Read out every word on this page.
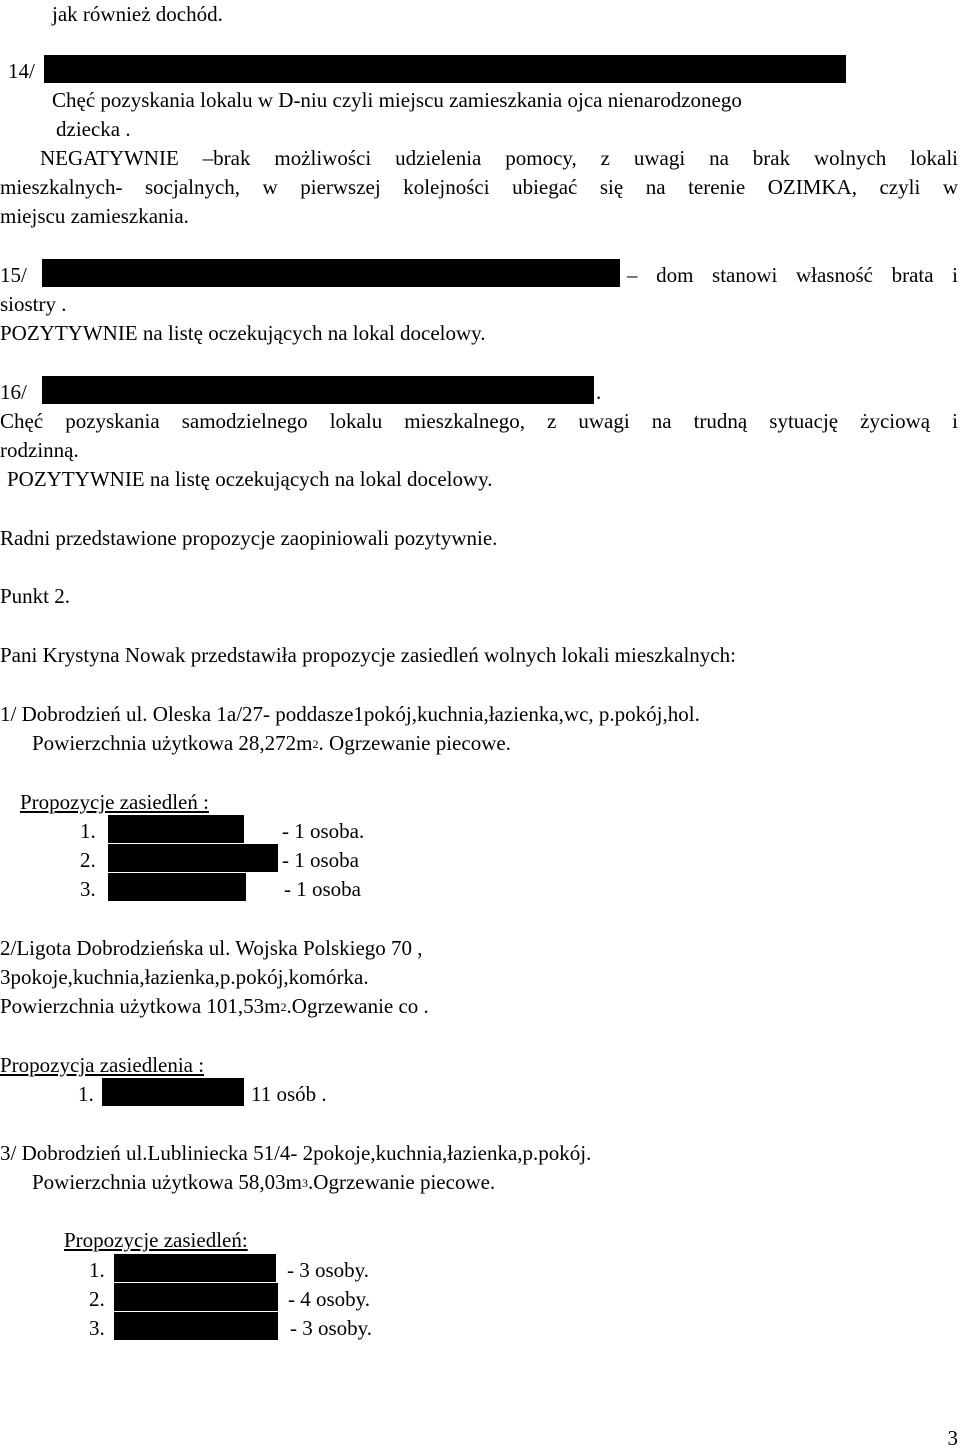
jak również dochód.
14/
Chęć pozyskania lokalu w D-niu czyli miejscu zamieszkania ojca nienarodzonego
dziecka .
NEGATYWNIE –brak możliwości udzielenia pomocy, z uwagi na brak wolnych lokali
mieszkalnych- socjalnych, w pierwszej kolejności ubiegać się na terenie OZIMKA, czyli w
miejscu zamieszkania.
15/	– dom stanowi własność brata i
siostry .
POZYTYWNIE na listę oczekujących na lokal docelowy.
16/	.
Chęć pozyskania samodzielnego lokalu mieszkalnego, z uwagi na trudną sytuację życiową i
rodzinną.
POZYTYWNIE na listę oczekujących na lokal docelowy.
Radni przedstawione propozycje zaopiniowali pozytywnie.
Punkt 2.
Pani Krystyna Nowak przedstawiła propozycje zasiedleń wolnych lokali mieszkalnych:
1/ Dobrodzień ul. Oleska 1a/27- poddasze1pokój,kuchnia,łazienka,wc, p.pokój,hol.
Powierzchnia użytkowa $28,272m^2$. Ogrzewanie piecowe.
Propozycje zasiedleń :
1.	- 1 osoba.
2.	- 1 osoba
3.	- 1 osoba
2/Ligota Dobrodzieńska ul. Wojska Polskiego 70 ,
3pokoje,kuchnia,łazienka,p.pokój,komórka.
Powierzchnia użytkowa $101,53m^2.Ogrzewanie$ co .
Propozycja zasiedlenia :
1.	11 osób .
3/ Dobrodzień ul.Lubliniecka 51/4- 2pokoje,kuchnia,łazienka,p.pokój.
Powierzchnia użytkowa $58,03m^3.Ogrzewanie$ piecowe.
Propozycje zasiedleń:
1.	- 3 osoby.
2.	- 4 osoby.
3.	- 3 osoby.
3
